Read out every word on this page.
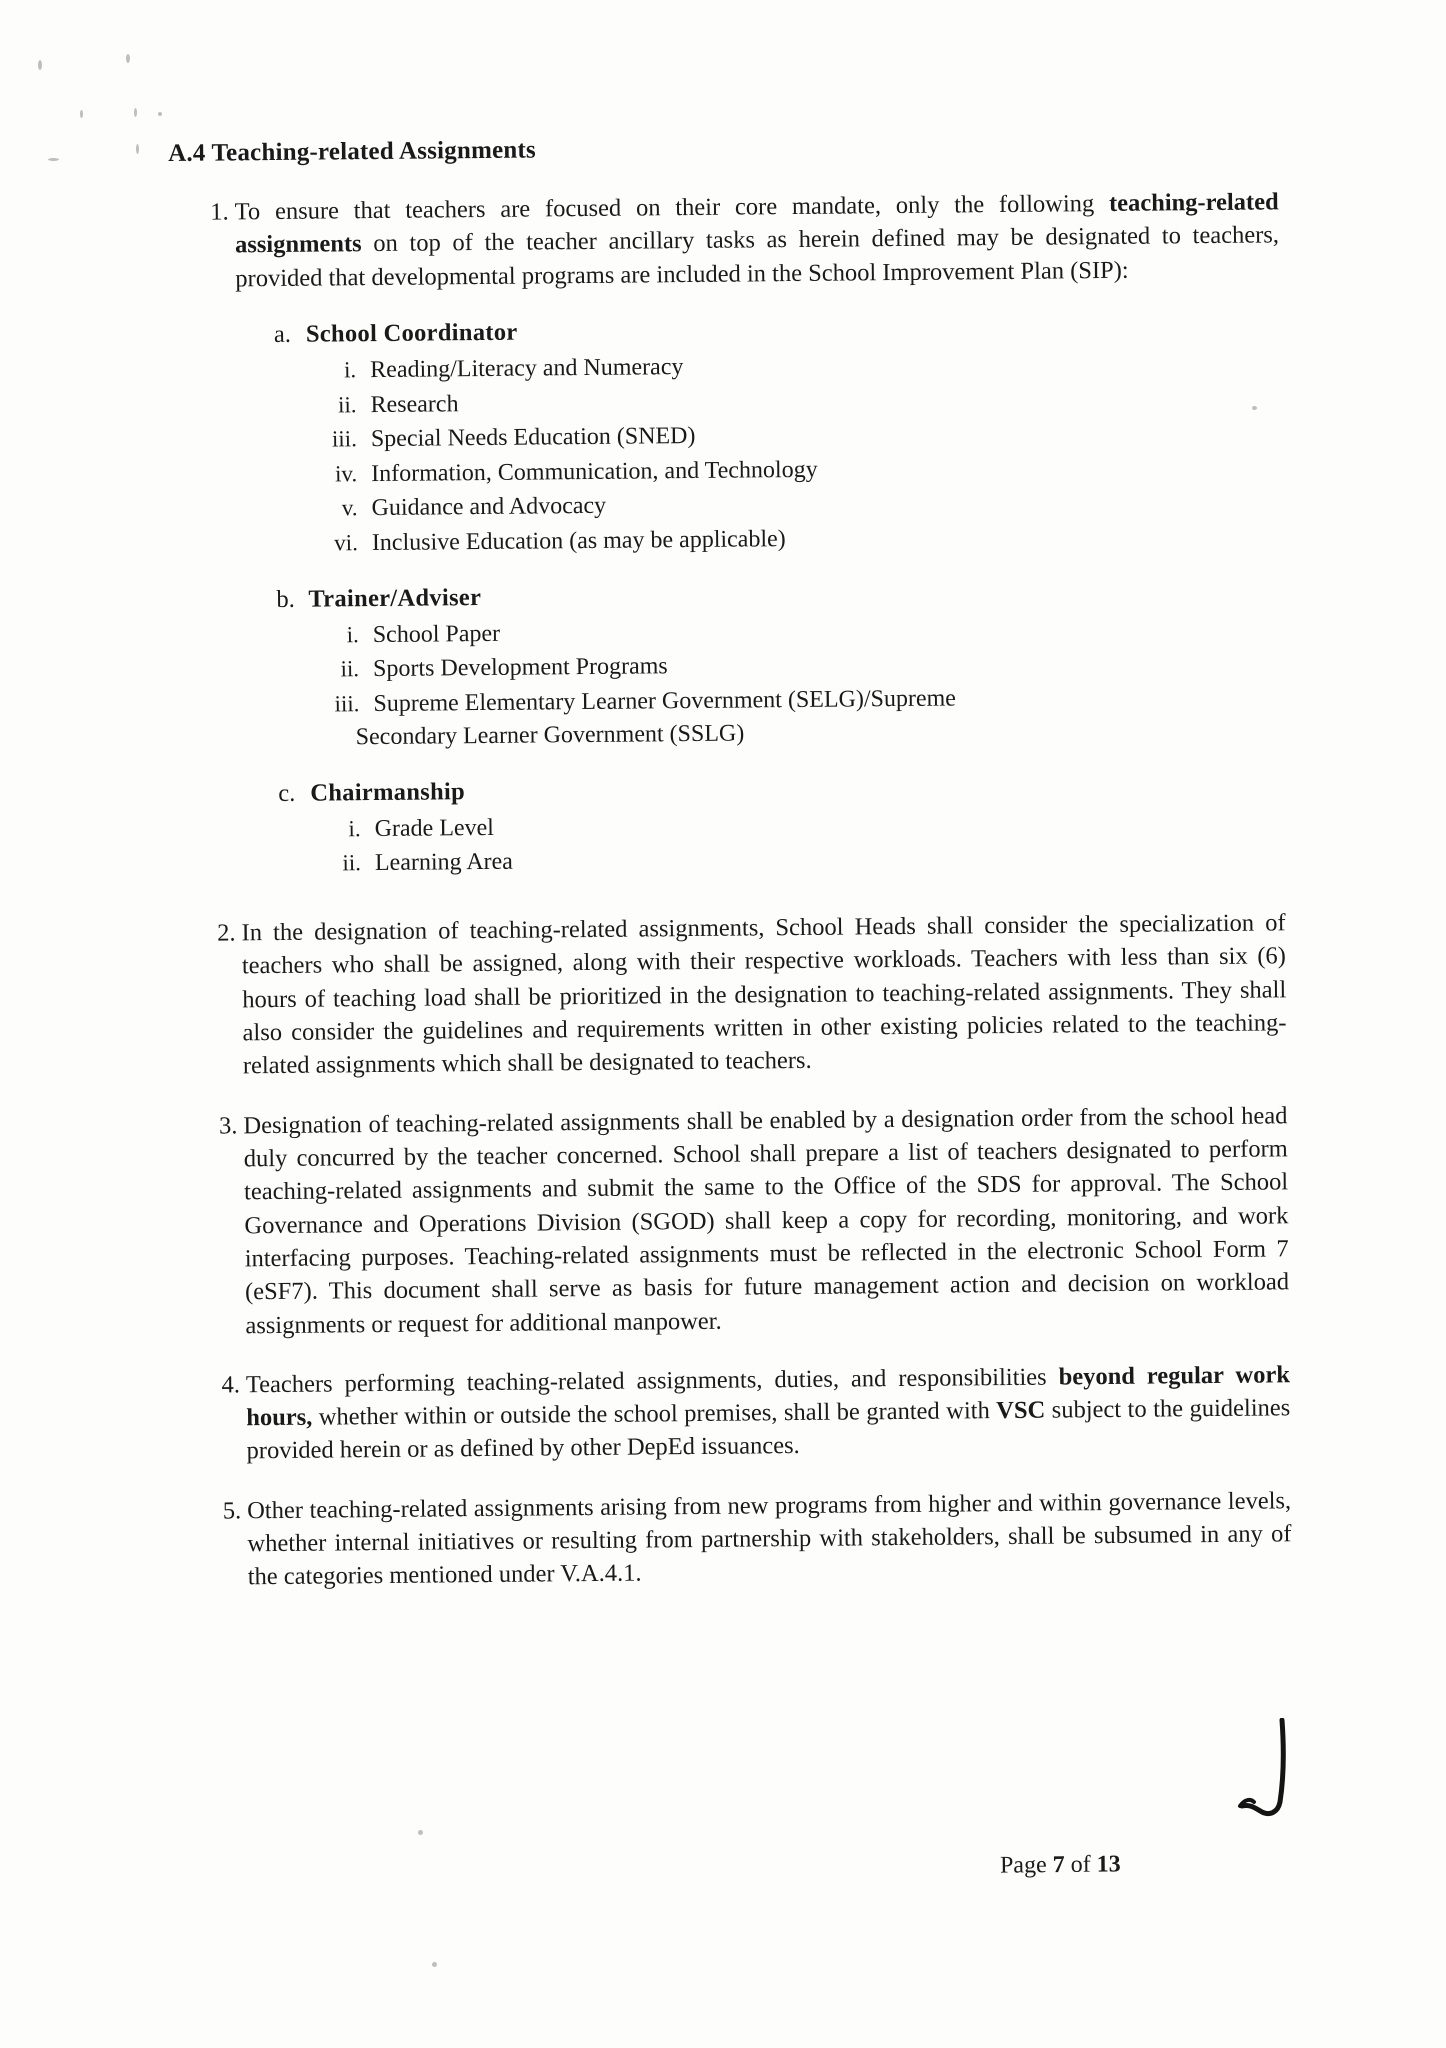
A.4 Teaching-related Assignments
1. To ensure that teachers are focused on their core mandate, only the following teaching-related assignments on top of the teacher ancillary tasks as herein defined may be designated to teachers, provided that developmental programs are included in the School Improvement Plan (SIP):
a. School Coordinator
i. Reading/Literacy and Numeracy
ii. Research
iii. Special Needs Education (SNED)
iv. Information, Communication, and Technology
v. Guidance and Advocacy
vi. Inclusive Education (as may be applicable)
b. Trainer/Adviser
i. School Paper
ii. Sports Development Programs
iii. Supreme Elementary Learner Government (SELG)/Supreme
Secondary Learner Government (SSLG)
c. Chairmanship
i. Grade Level
ii. Learning Area
2. In the designation of teaching-related assignments, School Heads shall consider the specialization of teachers who shall be assigned, along with their respective workloads. Teachers with less than six (6) hours of teaching load shall be prioritized in the designation to teaching-related assignments. They shall also consider the guidelines and requirements written in other existing policies related to the teaching-related assignments which shall be designated to teachers.
3. Designation of teaching-related assignments shall be enabled by a designation order from the school head duly concurred by the teacher concerned. School shall prepare a list of teachers designated to perform teaching-related assignments and submit the same to the Office of the SDS for approval. The School Governance and Operations Division (SGOD) shall keep a copy for recording, monitoring, and work interfacing purposes. Teaching-related assignments must be reflected in the electronic School Form 7 (eSF7). This document shall serve as basis for future management action and decision on workload assignments or request for additional manpower.
4. Teachers performing teaching-related assignments, duties, and responsibilities beyond regular work hours, whether within or outside the school premises, shall be granted with VSC subject to the guidelines provided herein or as defined by other DepEd issuances.
5. Other teaching-related assignments arising from new programs from higher and within governance levels, whether internal initiatives or resulting from partnership with stakeholders, shall be subsumed in any of the categories mentioned under V.A.4.1.
Page 7 of 13
